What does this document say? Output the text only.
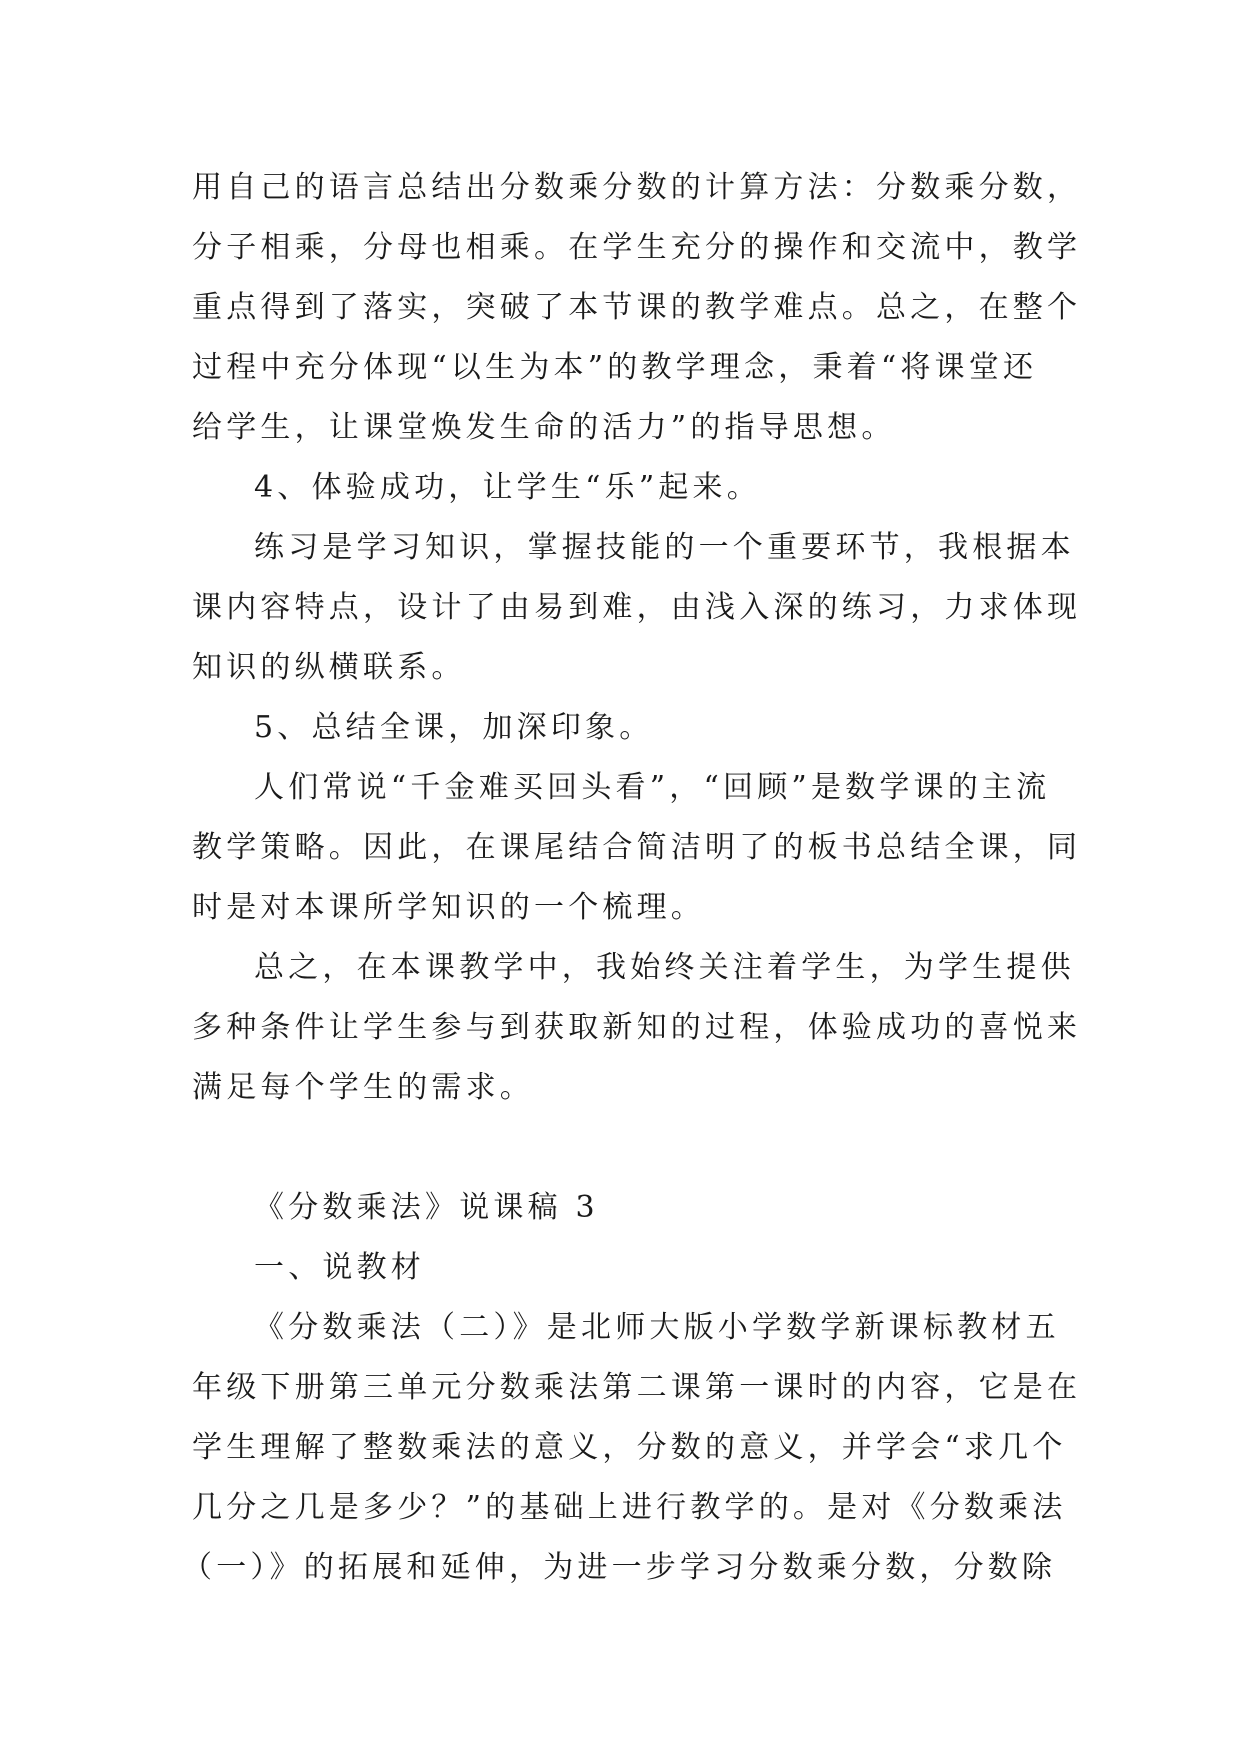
用自己的语言总结出分数乘分数的计算方法：分数乘分数，
分子相乘，分母也相乘。在学生充分的操作和交流中，教学
重点得到了落实，突破了本节课的教学难点。总之，在整个
过程中充分体现“以生为本”的教学理念，秉着“将课堂还
给学生，让课堂焕发生命的活力”的指导思想。
4、体验成功，让学生“乐”起来。
练习是学习知识，掌握技能的一个重要环节，我根据本
课内容特点，设计了由易到难，由浅入深的练习，力求体现
知识的纵横联系。
5、总结全课，加深印象。
人们常说“千金难买回头看”，“回顾”是数学课的主流
教学策略。因此，在课尾结合简洁明了的板书总结全课，同
时是对本课所学知识的一个梳理。
总之，在本课教学中，我始终关注着学生，为学生提供
多种条件让学生参与到获取新知的过程，体验成功的喜悦来
满足每个学生的需求。
《分数乘法》说课稿 3
一、说教材
《分数乘法（二）》是北师大版小学数学新课标教材五
年级下册第三单元分数乘法第二课第一课时的内容，它是在
学生理解了整数乘法的意义，分数的意义，并学会“求几个
几分之几是多少？”的基础上进行教学的。是对《分数乘法
（一）》的拓展和延伸，为进一步学习分数乘分数，分数除
